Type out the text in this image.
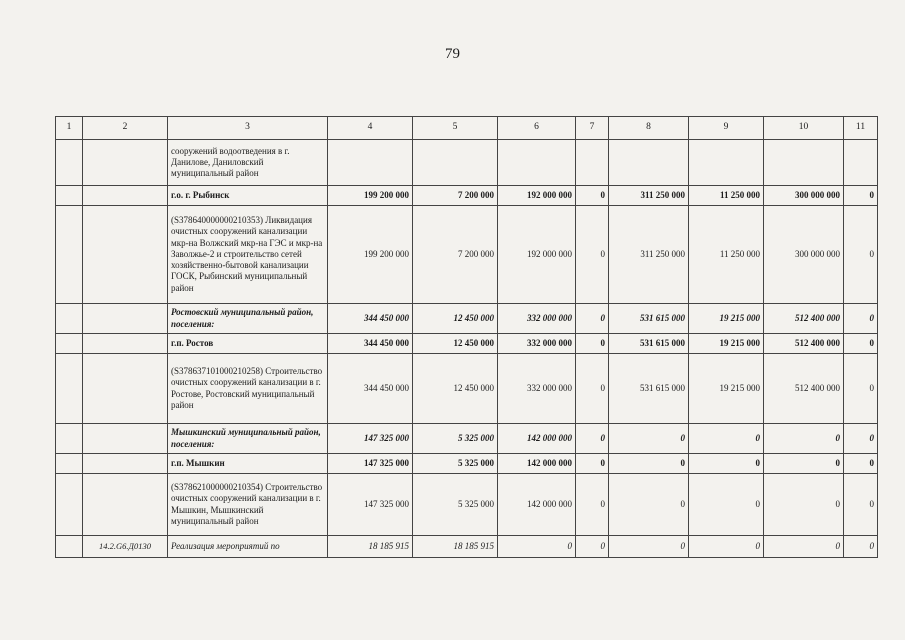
79
1	2	3	4	5	6	7	8	9	10	11
		сооружений водоотведения в г. Данилове, Даниловский муниципальный район								
		г.о. г. Рыбинск	199 200 000	7 200 000	192 000 000	0	311 250 000	11 250 000	300 000 000	0
		(S378640000000210353) Ликвидация очистных сооружений канализации мкр-на Волжский мкр-на ГЭС и мкр-на Заволжье-2 и строительство сетей хозяйственно-бытовой канализации ГОСК, Рыбинский муниципальный район	199 200 000	7 200 000	192 000 000	0	311 250 000	11 250 000	300 000 000	0
		Ростовский муниципальный район, поселения:	344 450 000	12 450 000	332 000 000	0	531 615 000	19 215 000	512 400 000	0
		г.п. Ростов	344 450 000	12 450 000	332 000 000	0	531 615 000	19 215 000	512 400 000	0
		(S378637101000210258) Строительство очистных сооружений канализации в г. Ростове, Ростовский муниципальный район	344 450 000	12 450 000	332 000 000	0	531 615 000	19 215 000	512 400 000	0
		Мышкинский муниципальный район, поселения:	147 325 000	5 325 000	142 000 000	0	0	0	0	0
		г.п. Мышкин	147 325 000	5 325 000	142 000 000	0	0	0	0	0
		(S378621000000210354) Строительство очистных сооружений канализации в г. Мышкин, Мышкинский муниципальный район	147 325 000	5 325 000	142 000 000	0	0	0	0	0
	14.2.G6.Д0130	Реализация мероприятий по	18 185 915	18 185 915	0	0	0	0	0	0
